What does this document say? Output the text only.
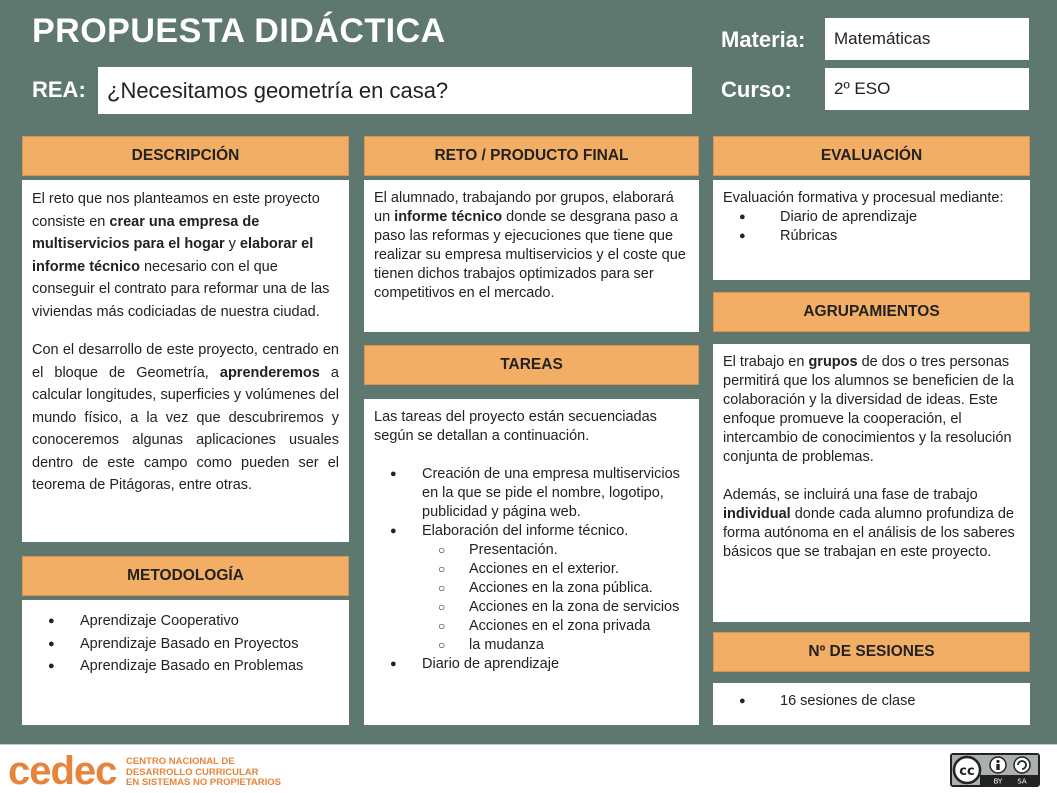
PROPUESTA DIDÁCTICA
REA: ¿Necesitamos geometría en casa?
Materia:	Matemáticas
Curso:	2º ESO
DESCRIPCIÓN

El reto que nos planteamos en este proyecto consiste en crear una empresa de multiservicios para el hogar y elaborar el informe técnico necesario con el que conseguir el contrato para reformar una de las viviendas más codiciadas de nuestra ciudad.

Con el desarrollo de este proyecto, centrado en el bloque de Geometría, aprenderemos a calcular longitudes, superficies y volúmenes del mundo físico, a la vez que descubriremos y conoceremos algunas aplicaciones usuales dentro de este campo como pueden ser el teorema de Pitágoras, entre otras.

METODOLOGÍA
● Aprendizaje Cooperativo
● Aprendizaje Basado en Proyectos
● Aprendizaje Basado en Problemas
RETO / PRODUCTO FINAL

El alumnado, trabajando por grupos, elaborará un informe técnico donde se desgrana paso a paso las reformas y ejecuciones que tiene que realizar su empresa multiservicios y el coste que tienen dichos trabajos optimizados para ser competitivos en el mercado.

TAREAS

Las tareas del proyecto están secuenciadas según se detallan a continuación.

● Creación de una empresa multiservicios en la que se pide el nombre, logotipo, publicidad y página web.
● Elaboración del informe técnico.
○ Presentación.
○ Acciones en el exterior.
○ Acciones en la zona pública.
○ Acciones en la zona de servicios
○ Acciones en el zona privada
○ la mudanza
● Diario de aprendizaje
EVALUACIÓN

Evaluación formativa y procesual mediante:

● Diario de aprendizaje
● Rúbricas
AGRUPAMIENTOS

El trabajo en grupos de dos o tres personas permitirá que los alumnos se beneficien de la colaboración y la diversidad de ideas. Este enfoque promueve la cooperación, el intercambio de conocimientos y la resolución conjunta de problemas.

Además, se incluirá una fase de trabajo individual donde cada alumno profundiza de forma autónoma en el análisis de los saberes básicos que se trabajan en este proyecto.

Nº DE SESIONES
● 16 sesiones de clase
cedec CENTRO NACIONAL DE
DESARROLLO CURRICULAR
EN SISTEMAS NO PROPIETARIOS
cc
BY SA
